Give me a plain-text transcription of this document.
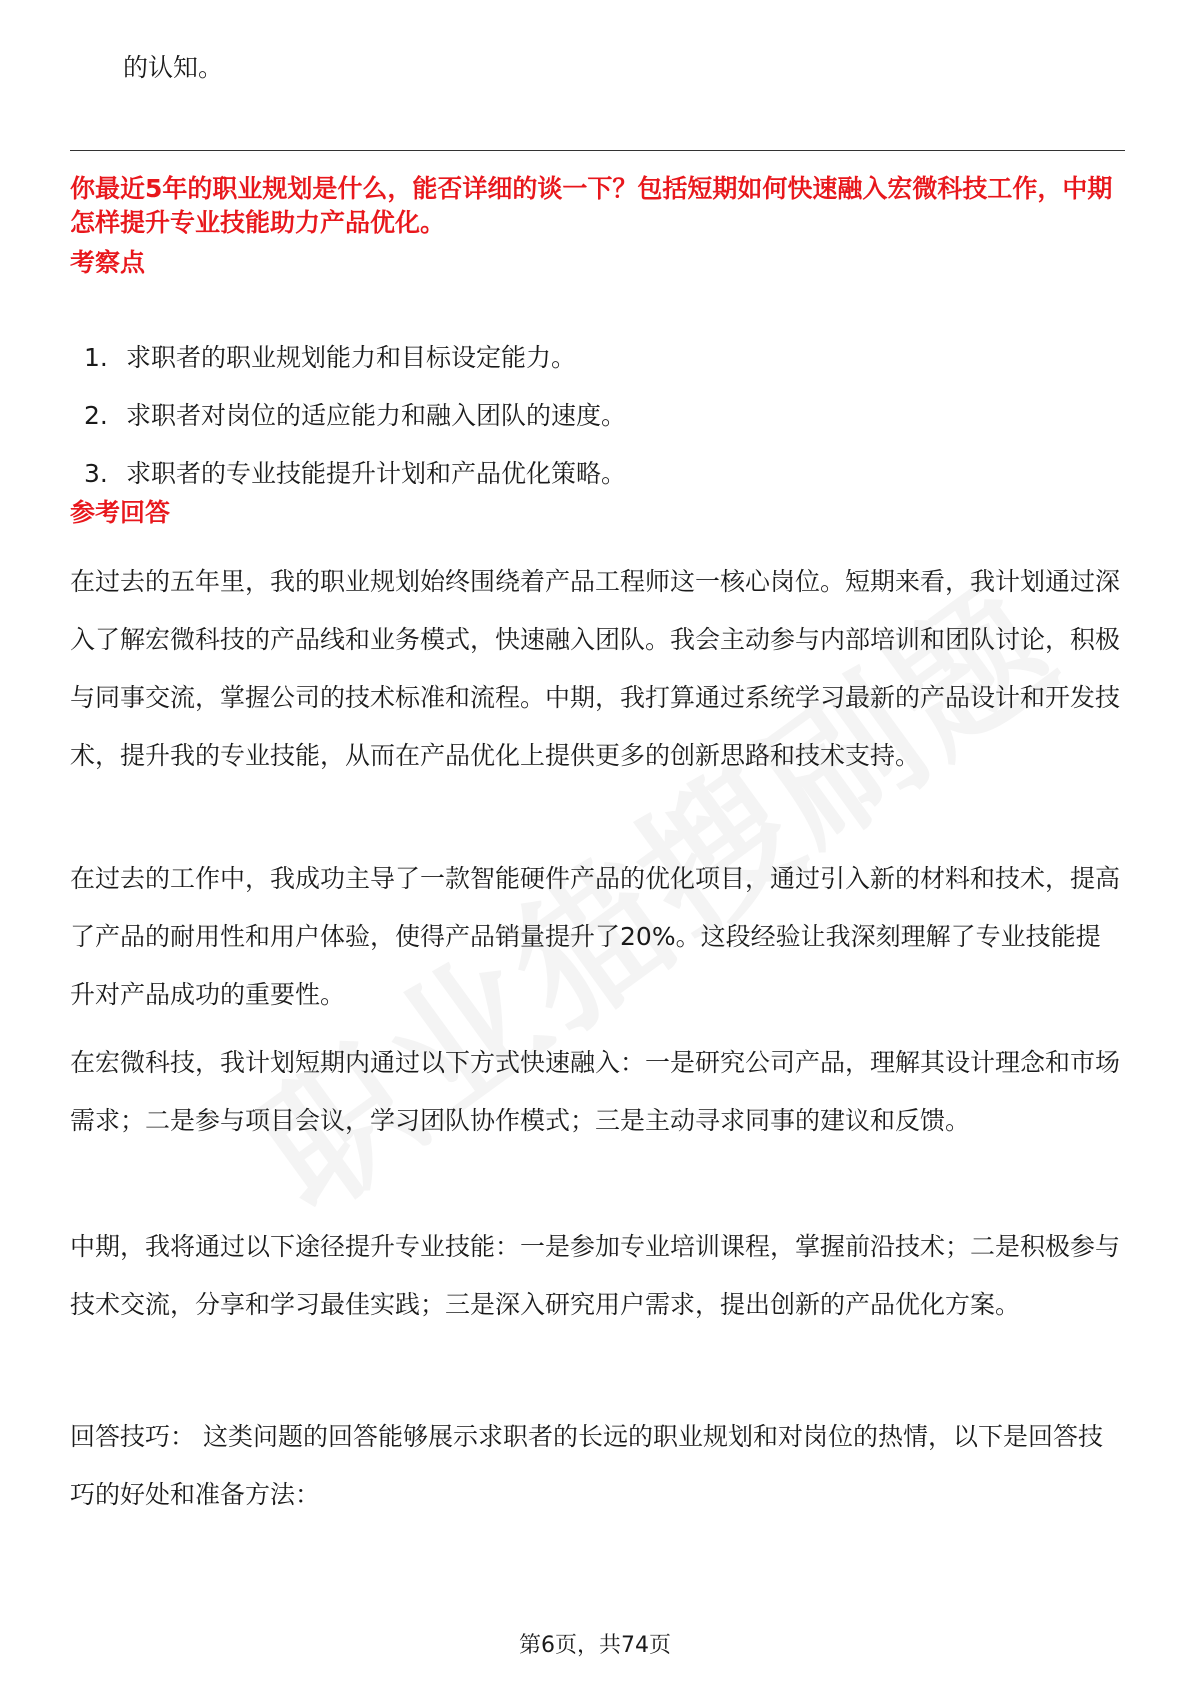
的认知。
你最近5年的职业规划是什么，能否详细的谈一下？包括短期如何快速融入宏微科技工作，中期怎样提升专业技能助力产品优化。
考察点
1. 求职者的职业规划能力和目标设定能力。
2. 求职者对岗位的适应能力和融入团队的速度。
3. 求职者的专业技能提升计划和产品优化策略。
参考回答

在过去的五年里，我的职业规划始终围绕着产品工程师这一核心岗位。短期来看，我计划通过深入了解宏微科技的产品线和业务模式，快速融入团队。我会主动参与内部培训和团队讨论，积极与同事交流，掌握公司的技术标准和流程。中期，我打算通过系统学习最新的产品设计和开发技术，提升我的专业技能，从而在产品优化上提供更多的创新思路和技术支持。

在过去的工作中，我成功主导了一款智能硬件产品的优化项目，通过引入新的材料和技术，提高了产品的耐用性和用户体验，使得产品销量提升了20%。这段经验让我深刻理解了专业技能提升对产品成功的重要性。

在宏微科技，我计划短期内通过以下方式快速融入：一是研究公司产品，理解其设计理念和市场需求；二是参与项目会议，学习团队协作模式；三是主动寻求同事的建议和反馈。

中期，我将通过以下途径提升专业技能：一是参加专业培训课程，掌握前沿技术；二是积极参与技术交流，分享和学习最佳实践；三是深入研究用户需求，提出创新的产品优化方案。

回答技巧： 这类问题的回答能够展示求职者的长远的职业规划和对岗位的热情，以下是回答技巧的好处和准备方法：

第6页，共74页
